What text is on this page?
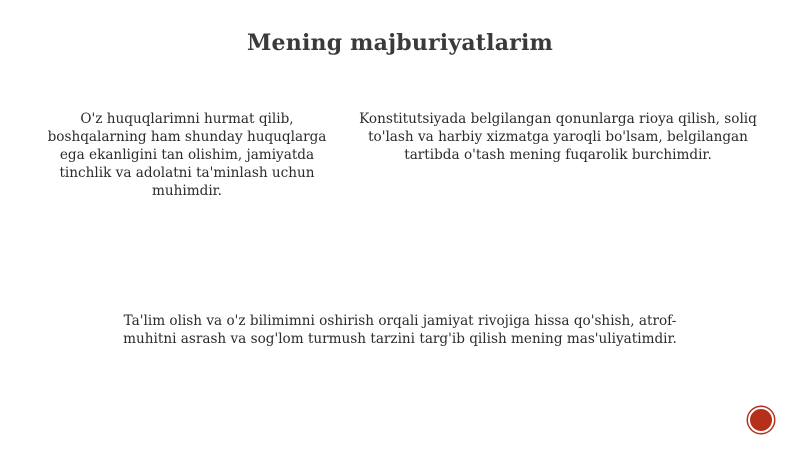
Mening majburiyatlarim
O'z huquqlarimni hurmat qilib, boshqalarning ham shunday huquqlarga ega ekanligini tan olishim, jamiyatda tinchlik va adolatni ta'minlash uchun muhimdir.
Konstitutsiyada belgilangan qonunlarga rioya qilish, soliq to'lash va harbiy xizmatga yaroqli bo'lsam, belgilangan tartibda o'tash mening fuqarolik burchimdir.
Ta'lim olish va o'z bilimimni oshirish orqali jamiyat rivojiga hissa qo'shish, atrof-muhitni asrash va sog'lom turmush tarzini targ'ib qilish mening mas'uliyatimdir.
